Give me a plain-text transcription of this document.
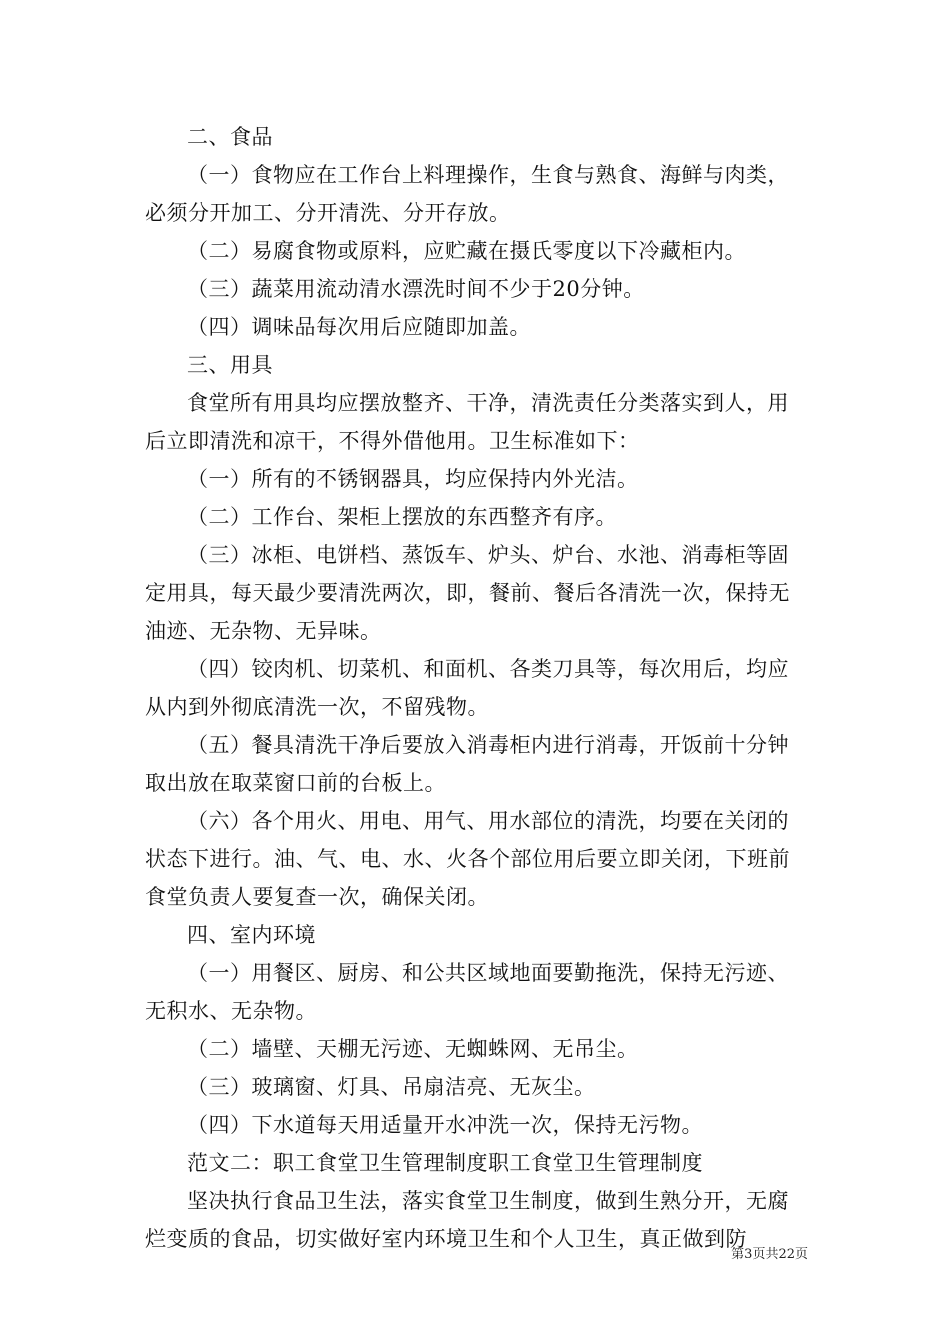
二、食品

（一）食物应在工作台上料理操作，生食与熟食、海鲜与肉类，必须分开加工、分开清洗、分开存放。

（二）易腐食物或原料，应贮藏在摄氏零度以下冷藏柜内。

（三）蔬菜用流动清水漂洗时间不少于20分钟。

（四）调味品每次用后应随即加盖。

三、用具

食堂所有用具均应摆放整齐、干净，清洗责任分类落实到人，用后立即清洗和凉干，不得外借他用。卫生标准如下：

（一）所有的不锈钢器具，均应保持内外光洁。

（二）工作台、架柜上摆放的东西整齐有序。

（三）冰柜、电饼档、蒸饭车、炉头、炉台、水池、消毒柜等固定用具，每天最少要清洗两次，即，餐前、餐后各清洗一次，保持无油迹、无杂物、无异味。

（四）铰肉机、切菜机、和面机、各类刀具等，每次用后，均应从内到外彻底清洗一次，不留残物。

（五）餐具清洗干净后要放入消毒柜内进行消毒，开饭前十分钟取出放在取菜窗口前的台板上。

（六）各个用火、用电、用气、用水部位的清洗，均要在关闭的状态下进行。油、气、电、水、火各个部位用后要立即关闭，下班前食堂负责人要复查一次，确保关闭。

四、室内环境

（一）用餐区、厨房、和公共区域地面要勤拖洗，保持无污迹、无积水、无杂物。

（二）墙壁、天棚无污迹、无蜘蛛网、无吊尘。

（三）玻璃窗、灯具、吊扇洁亮、无灰尘。

（四）下水道每天用适量开水冲洗一次，保持无污物。

范文二：职工食堂卫生管理制度职工食堂卫生管理制度

坚决执行食品卫生法，落实食堂卫生制度，做到生熟分开，无腐烂变质的食品，切实做好室内环境卫生和个人卫生，真正做到防

第3页共22页
